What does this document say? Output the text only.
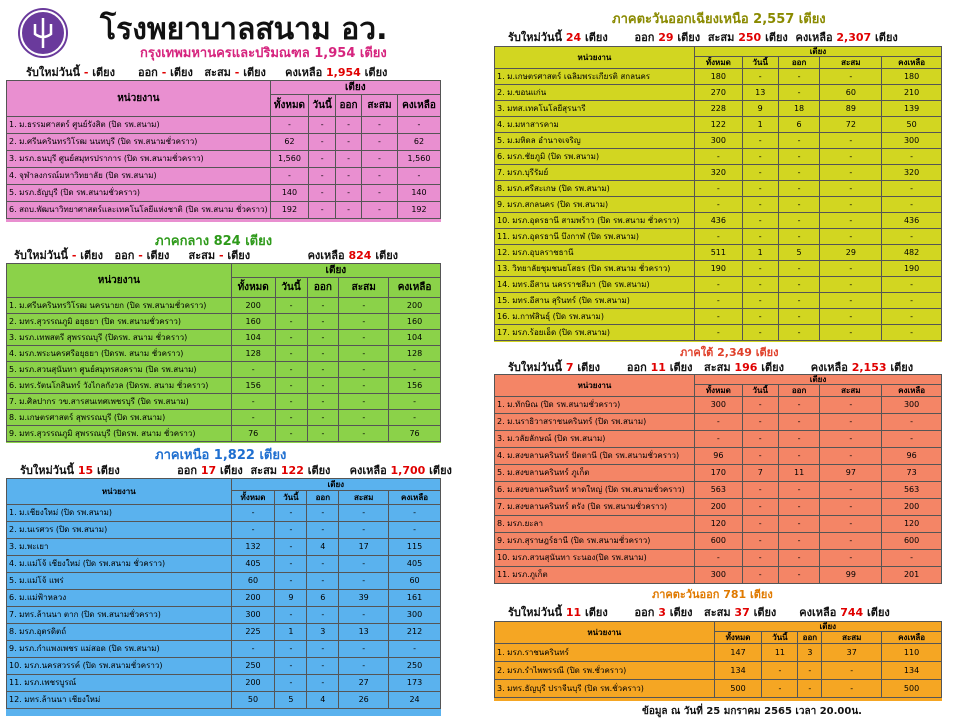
โรงพยาบาลสนาม อว.
กรุงเทพมหานครและปริมณฑล 1,954 เตียง
รับใหม่วันนี้ - เตียง ออก - เตียง สะสม - เตียง คงเหลือ 1,954 เตียง
หน่วยงาน	เตียง				
	ทั้งหมด	วันนี้	ออก	สะสม	คงเหลือ
1. ม.ธรรมศาสตร์ ศูนย์รังสิต (ปิด รพ.สนาม)	-	-	-	-	-
2. ม.ศรีนครินทรวิโรฒ นนทบุรี (ปิด รพ.สนามชั่วคราว)	62	-	-	-	62
3. มรภ.ธนบุรี ศูนย์สมุทรปราการ (ปิด รพ.สนามชั่วคราว)	1,560	-	-	-	1,560
4. จุฬาลงกรณ์มหาวิทยาลัย (ปิด รพ.สนาม)	-	-	-	-	-
5. มรภ.ธัญบุรี (ปิด รพ.สนามชั่วคราว)	140	-	-	-	140
6. สถบ.พัฒนาวิทยาศาสตร์และเทคโนโลยีแห่งชาติ (ปิด รพ.สนาม ชั่วคราว)	192	-	-	-	192
ภาคกลาง 824 เตียง
รับใหม่วันนี้ - เตียง ออก - เตียง สะสม - เตียง	คงเหลือ 824 เตียง
หน่วยงาน	เตียง				
	ทั้งหมด	วันนี้	ออก	สะสม	คงเหลือ
1. ม.ศรีนครินทรวิโรฒ นครนายก (ปิด รพ.สนามชั่วคราว)	200	-	-	-	200
2. มทร.สุวรรณภูมิ อยุธยา (ปิด รพ.สนามชั่วคราว)	160	-	-	-	160
3. มรภ.เทพสตรี สุพรรณบุรี (ปิดรพ. สนาม ชั่วคราว)	104	-	-	-	104
4. มรภ.พระนครศรีอยุธยา (ปิดรพ. สนาม ชั่วคราว)	128	-	-	-	128
5. มรภ.สวนสุนันทา ศูนย์สมุทรสงคราม (ปิด รพ.สนาม)	-	-	-	-	-
6. มทร.รัตนโกสินทร์ วังไกลกังวล (ปิดรพ. สนาม ชั่วคราว)	156	-	-	-	156
7. ม.ศิลปากร วข.สารสนเทศเพชรบุรี (ปิด รพ.สนาม)	-	-	-	-	-
8. ม.เกษตรศาสตร์ สุพรรณบุรี (ปิด รพ.สนาม)	-	-	-	-	-
9. มทร.สุวรรณภูมิ สุพรรณบุรี (ปิดรพ. สนาม ชั่วคราว)	76	-	-	-	76
ภาคเหนือ 1,822 เตียง
รับใหม่วันนี้ 15 เตียง	ออก 17 เตียง สะสม 122 เตียง คงเหลือ 1,700 เตียง
หน่วยงาน	เตียง				
	ทั้งหมด	วันนี้	ออก	สะสม	คงเหลือ
1. ม.เชียงใหม่ (ปิด รพ.สนาม)	-	-	-	-	-
2. ม.นเรศวร (ปิด รพ.สนาม)	-	-	-	-	-
3. ม.พะเยา	132	-	4	17	115
4. ม.แม่โจ้ เชียงใหม่ (ปิด รพ.สนาม ชั่วคราว)	405	-	-	-	405
5. ม.แม่โจ้ แพร่	60	-	-	-	60
6. ม.แม่ฟ้าหลวง	200	9	6	39	161
7. มทร.ล้านนา ตาก (ปิด รพ.สนามชั่วคราว)	300	-	-	-	300
8. มรภ.อุตรดิตถ์	225	1	3	13	212
9. มรภ.กำแพงเพชร แม่สอด (ปิด รพ.สนาม)	-	-	-	-	-
10. มรภ.นครสวรรค์ (ปิด รพ.สนามชั่วคราว)	250	-	-	-	250
11. มรภ.เพชรบูรณ์	200	-	-	27	173
12. มทร.ล้านนา เชียงใหม่	50	5	4	26	24
ภาคตะวันออกเฉียงเหนือ 2,557 เตียง
รับใหม่วันนี้ 24 เตียง ออก 29 เตียง สะสม 250 เตียง คงเหลือ 2,307 เตียง
หน่วยงาน	เตียง				
	ทั้งหมด	วันนี้	ออก	สะสม	คงเหลือ
1. ม.เกษตรศาสตร์ เฉลิมพระเกียรติ สกลนคร	180	-	-	-	180
2. ม.ขอนแก่น	270	13	-	60	210
3. มทส.เทคโนโลยีสุรนารี	228	9	18	89	139
4. ม.มหาสารคาม	122	1	6	72	50
5. ม.มหิดล อำนาจเจริญ	300	-	-	-	300
6. มรภ.ชัยภูมิ (ปิด รพ.สนาม)	-	-	-	-	-
7. มรภ.บุรีรัมย์	320	-	-	-	320
8. มรภ.ศรีสะเกษ (ปิด รพ.สนาม)	-	-	-	-	-
9. มรภ.สกลนคร (ปิด รพ.สนาม)	-	-	-	-	-
10. มรภ.อุดรธานี สามพร้าว (ปิด รพ.สนาม ชั่วคราว)	436	-	-	-	436
11. มรภ.อุดรธานี บึงกาฬ (ปิด รพ.สนาม)	-	-	-	-	-
12. มรภ.อุบลราชธานี	511	1	5	29	482
13. วิทยาลัยชุมชนยโสธร (ปิด รพ.สนาม ชั่วคราว)	190	-	-	-	190
14. มทร.อีสาน นครราชสีมา (ปิด รพ.สนาม)	-	-	-	-	-
15. มทร.อีสาน สุรินทร์ (ปิด รพ.สนาม)	-	-	-	-	-
16. ม.กาฬสินธุ์ (ปิด รพ.สนาม)	-	-	-	-	-
17. มรภ.ร้อยเอ็ด (ปิด รพ.สนาม)	-	-	-	-	-
ภาคใต้ 2,349 เตียง
รับใหม่วันนี้ 7 เตียง ออก 11 เตียง สะสม 196 เตียง คงเหลือ 2,153 เตียง
หน่วยงาน	เตียง				
	ทั้งหมด	วันนี้	ออก	สะสม	คงเหลือ
1. ม.ทักษิณ (ปิด รพ.สนามชั่วคราว)	300	-	-	-	300
2. ม.นราธิวาสราชนครินทร์ (ปิด รพ.สนาม)	-	-	-	-	-
3. ม.วลัยลักษณ์ (ปิด รพ.สนาม)	-	-	-	-	-
4. ม.สงขลานครินทร์ ปัตตานี (ปิด รพ.สนามชั่วคราว)	96	-	-	-	96
5. ม.สงขลานครินทร์ ภูเก็ต	170	7	11	97	73
6. ม.สงขลานครินทร์ หาดใหญ่ (ปิด รพ.สนามชั่วคราว)	563	-	-	-	563
7. ม.สงขลานครินทร์ ตรัง (ปิด รพ.สนามชั่วคราว)	200	-	-	-	200
8. มรภ.ยะลา	120	-	-	-	120
9. มรภ.สุราษฎร์ธานี (ปิด รพ.สนามชั่วคราว)	600	-	-	-	600
10. มรภ.สวนสุนันทา ระนอง(ปิด รพ.สนาม)	-	-	-	-	-
11. มรภ.ภูเก็ต	300	-	-	99	201
ภาคตะวันออก 781 เตียง
รับใหม่วันนี้ 11 เตียง ออก 3 เตียง สะสม 37 เตียง คงเหลือ 744 เตียง
หน่วยงาน	เตียง				
	ทั้งหมด	วันนี้	ออก	สะสม	คงเหลือ
1. มรภ.ราชนครินทร์	147	11	3	37	110
2. มรภ.รำไพพรรณี (ปิด รพ.ชั่วคราว)	134	-	-	-	134
3. มทร.ธัญบุรี ปราจีนบุรี (ปิด รพ.ชั่วคราว)	500	-	-	-	500
ข้อมูล ณ วันที่ 25 มกราคม 2565 เวลา 20.00น.
